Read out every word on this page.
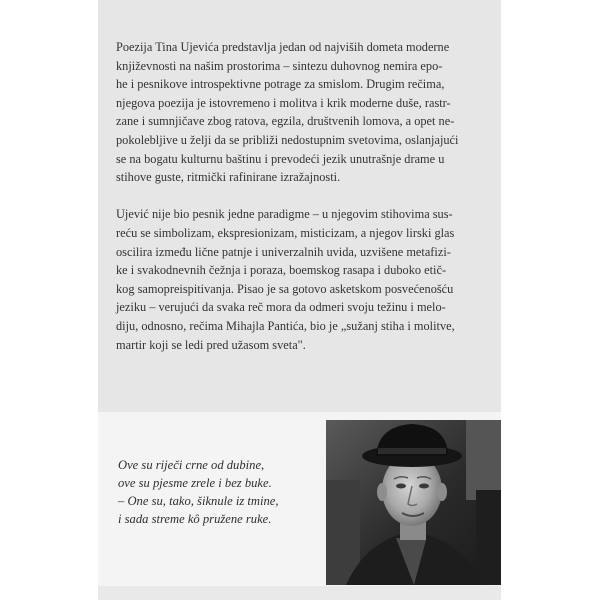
Poezija Tina Ujevića predstavlja jedan od najviših dometa moderne
književnosti na našim prostorima – sintezu duhovnog nemira epo-
he i pesnikove introspektivne potrage za smislom. Drugim rečima,
njegova poezija je istovremeno i molitva i krik moderne duše, rastr-
zane i sumnjičave zbog ratova, egzila, društvenih lomova, a opet ne-
pokolebljive u želji da se približi nedostupnim svetovima, oslanjajući
se na bogatu kulturnu baštinu i prevodeći jezik unutrašnje drame u
stihove guste, ritmički rafinirane izražajnosti.

Ujević nije bio pesnik jedne paradigme – u njegovim stihovima sus-
reću se simbolizam, ekspresionizam, misticizam, a njegov lirski glas
oscilira između lične patnje i univerzalnih uvida, uzvišene metafizi-
ke i svakodnevnih čežnja i poraza, boemskog rasapa i duboko etič-
kog samopreispitivanja. Pisao je sa gotovo asketskom posvećenošću
jeziku – verujući da svaka reč mora da odmeri svoju težinu i melo-
diju, odnosno, rečima Mihajla Pantića, bio je „sužanj stiha i molitve,
martir koji se ledi pred užasom sveta".

Ove su riječi crne od dubine,
ove su pjesme zrele i bez buke.
– One su, tako, šiknule iz tmine,
i sada streme kô pružene ruke.
